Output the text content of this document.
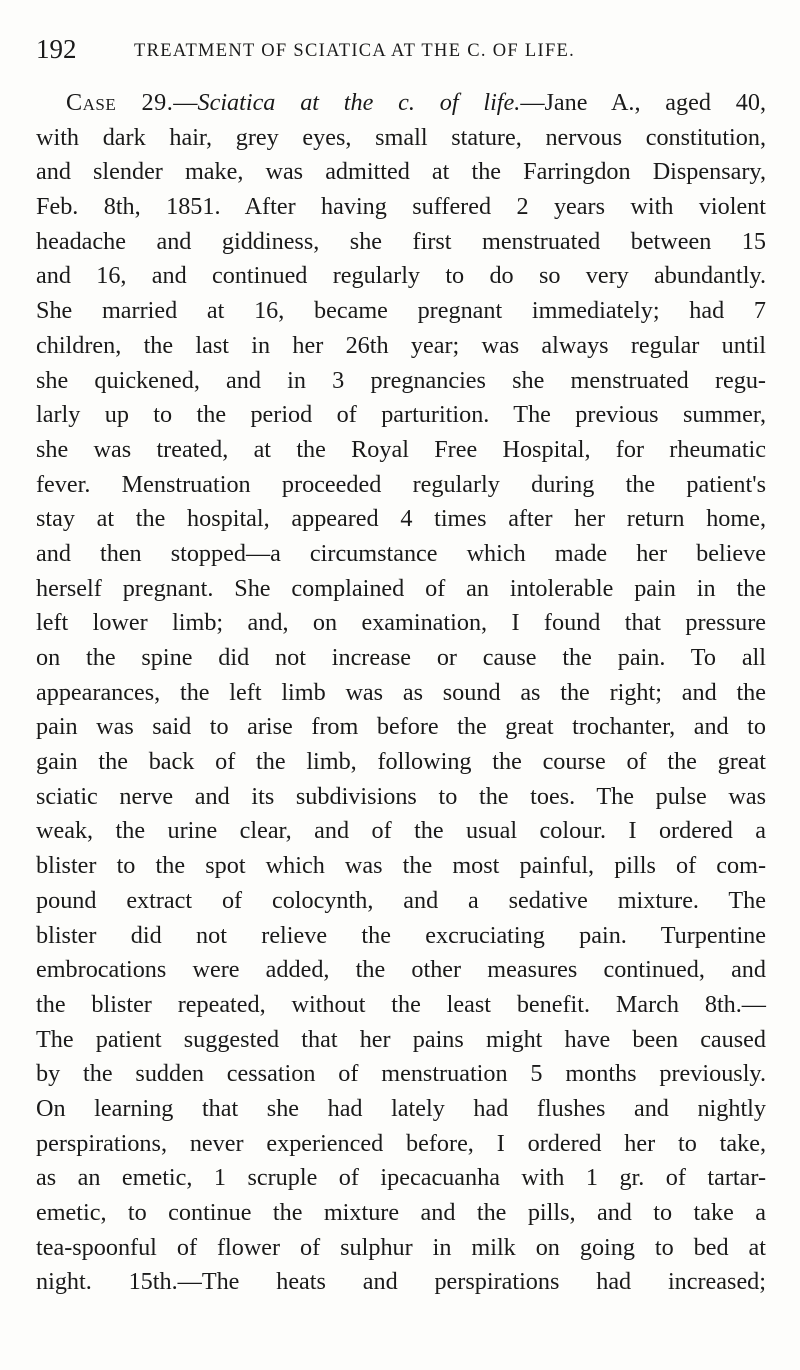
192	TREATMENT OF SCIATICA AT THE C. OF LIFE.
Case 29.—Sciatica at the c. of life.—Jane A., aged 40,
with dark hair, grey eyes, small stature, nervous constitution,
and slender make, was admitted at the Farringdon Dispensary,
Feb. 8th, 1851. After having suffered 2 years with violent
headache and giddiness, she first menstruated between 15
and 16, and continued regularly to do so very abundantly.
She married at 16, became pregnant immediately; had 7
children, the last in her 26th year; was always regular until
she quickened, and in 3 pregnancies she menstruated regu-
larly up to the period of parturition. The previous summer,
she was treated, at the Royal Free Hospital, for rheumatic
fever. Menstruation proceeded regularly during the patient's
stay at the hospital, appeared 4 times after her return home,
and then stopped—a circumstance which made her believe
herself pregnant. She complained of an intolerable pain in the
left lower limb; and, on examination, I found that pressure
on the spine did not increase or cause the pain. To all
appearances, the left limb was as sound as the right; and the
pain was said to arise from before the great trochanter, and to
gain the back of the limb, following the course of the great
sciatic nerve and its subdivisions to the toes. The pulse was
weak, the urine clear, and of the usual colour. I ordered a
blister to the spot which was the most painful, pills of com-
pound extract of colocynth, and a sedative mixture. The
blister did not relieve the excruciating pain. Turpentine
embrocations were added, the other measures continued, and
the blister repeated, without the least benefit. March 8th.—
The patient suggested that her pains might have been caused
by the sudden cessation of menstruation 5 months previously.
On learning that she had lately had flushes and nightly
perspirations, never experienced before, I ordered her to take,
as an emetic, 1 scruple of ipecacuanha with 1 gr. of tartar-
emetic, to continue the mixture and the pills, and to take a
tea-spoonful of flower of sulphur in milk on going to bed at
night. 15th.—The heats and perspirations had increased;
